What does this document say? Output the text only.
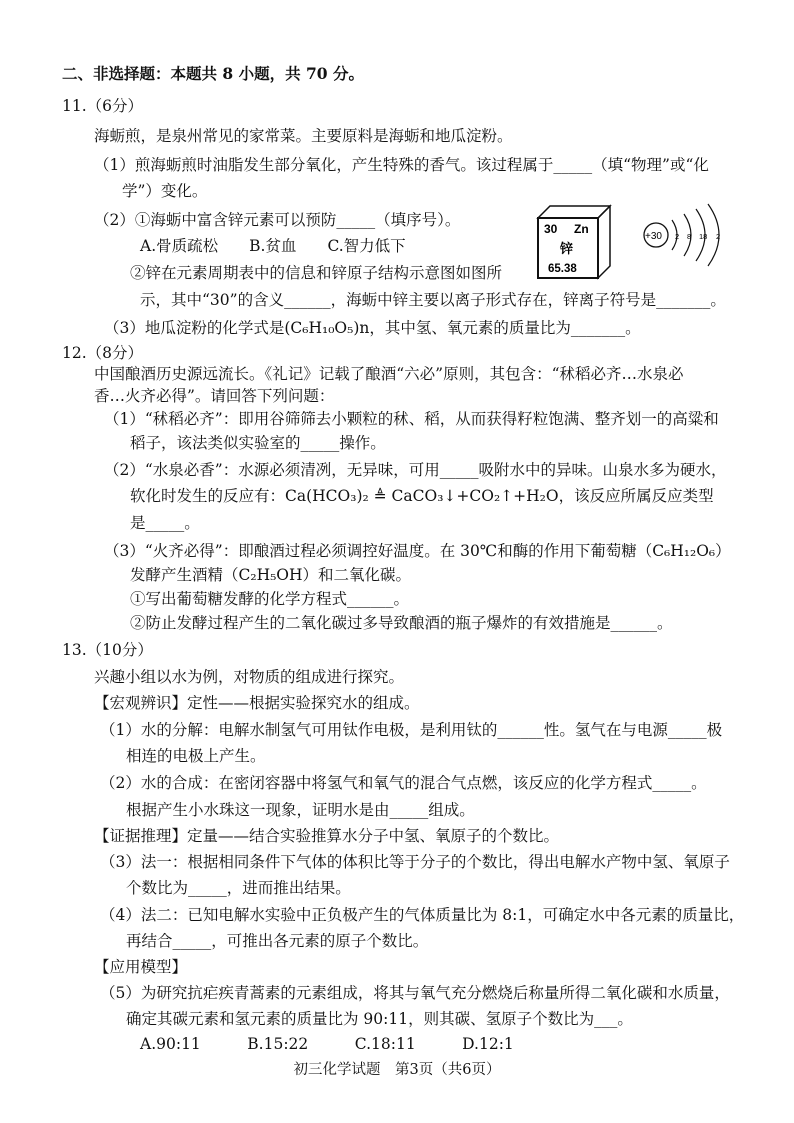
二、非选择题：本题共 8 小题，共 70 分。
11.（6分）
海蛎煎，是泉州常见的家常菜。主要原料是海蛎和地瓜淀粉。
（1）煎海蛎煎时油脂发生部分氧化，产生特殊的香气。该过程属于_____（填“物理”或“化
学”）变化。
（2）①海蛎中富含锌元素可以预防_____（填序号）。
A.骨质疏松　　B.贫血　　C.智力低下
②锌在元素周期表中的信息和锌原子结构示意图如图所
示，其中“30”的含义______，海蛎中锌主要以离子形式存在，锌离子符号是_______。
（3）地瓜淀粉的化学式是(C₆H₁₀O₅)n，其中氢、氧元素的质量比为_______。
30 Zn
锌
65.38
+30 2 8 18 2
12.（8分）
中国酿酒历史源远流长。《礼记》记载了酿酒“六必”原则，其包含：“秫稻必齐…水泉必
香…火齐必得”。请回答下列问题：
（1）“秫稻必齐”：即用谷筛筛去小颗粒的秫、稻，从而获得籽粒饱满、整齐划一的高粱和
稻子，该法类似实验室的_____操作。
（2）“水泉必香”：水源必须清冽，无异味，可用_____吸附水中的异味。山泉水多为硬水，
软化时发生的反应有：Ca(HCO₃)₂ ≜ CaCO₃↓+CO₂↑+H₂O，该反应所属反应类型
是_____。
（3）“火齐必得”：即酿酒过程必须调控好温度。在 30℃和酶的作用下葡萄糖（C₆H₁₂O₆）
发酵产生酒精（C₂H₅OH）和二氧化碳。
①写出葡萄糖发酵的化学方程式______。
②防止发酵过程产生的二氧化碳过多导致酿酒的瓶子爆炸的有效措施是______。
13.（10分）
兴趣小组以水为例，对物质的组成进行探究。
【宏观辨识】定性——根据实验探究水的组成。
（1）水的分解：电解水制氢气可用钛作电极，是利用钛的______性。氢气在与电源_____极
相连的电极上产生。
（2）水的合成：在密闭容器中将氢气和氧气的混合气点燃，该反应的化学方程式_____。
根据产生小水珠这一现象，证明水是由_____组成。
【证据推理】定量——结合实验推算水分子中氢、氧原子的个数比。
（3）法一：根据相同条件下气体的体积比等于分子的个数比，得出电解水产物中氢、氧原子
个数比为_____，进而推出结果。
（4）法二：已知电解水实验中正负极产生的气体质量比为 8:1，可确定水中各元素的质量比，
再结合_____，可推出各元素的原子个数比。
【应用模型】
（5）为研究抗疟疾青蒿素的元素组成，将其与氧气充分燃烧后称量所得二氧化碳和水质量，
确定其碳元素和氢元素的质量比为 90:11，则其碳、氢原子个数比为___。
A.90:11　　　B.15:22　　　C.18:11　　　D.12:1
初三化学试题　第3页（共6页）
